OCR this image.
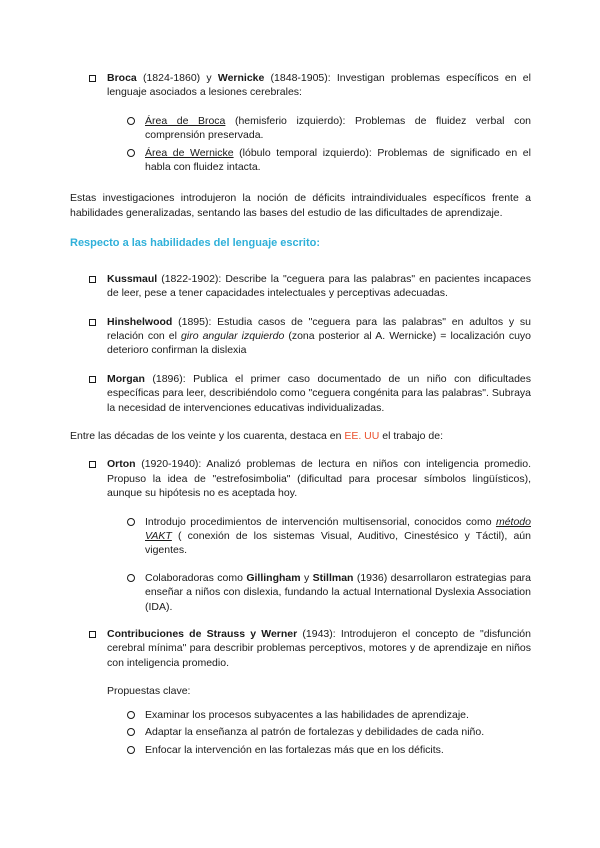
Broca (1824-1860) y Wernicke (1848-1905): Investigan problemas específicos en el lenguaje asociados a lesiones cerebrales:
Área de Broca (hemisferio izquierdo): Problemas de fluidez verbal con comprensión preservada.
Área de Wernicke (lóbulo temporal izquierdo): Problemas de significado en el habla con fluidez intacta.

Estas investigaciones introdujeron la noción de déficits intraindividuales específicos frente a habilidades generalizadas, sentando las bases del estudio de las dificultades de aprendizaje.

Respecto a las habilidades del lenguaje escrito:
Kussmaul (1822-1902): Describe la "ceguera para las palabras" en pacientes incapaces de leer, pese a tener capacidades intelectuales y perceptivas adecuadas.
Hinshelwood (1895): Estudia casos de "ceguera para las palabras" en adultos y su relación con el giro angular izquierdo (zona posterior al A. Wernicke) = localización cuyo deterioro confirman la dislexia
Morgan (1896): Publica el primer caso documentado de un niño con dificultades específicas para leer, describiéndolo como "ceguera congénita para las palabras". Subraya la necesidad de intervenciones educativas individualizadas.

Entre las décadas de los veinte y los cuarenta, destaca en EE. UU el trabajo de:

Orton (1920-1940): Analizó problemas de lectura en niños con inteligencia promedio. Propuso la idea de "estrefosimbolia" (dificultad para procesar símbolos lingüísticos), aunque su hipótesis no es aceptada hoy.
Introdujo procedimientos de intervención multisensorial, conocidos como método VAKT ( conexión de los sistemas Visual, Auditivo, Cinestésico y Táctil), aún vigentes.
Colaboradoras como Gillingham y Stillman (1936) desarrollaron estrategias para enseñar a niños con dislexia, fundando la actual International Dyslexia Association (IDA).
Contribuciones de Strauss y Werner (1943): Introdujeron el concepto de "disfunción cerebral mínima" para describir problemas perceptivos, motores y de aprendizaje en niños con inteligencia promedio.

Propuestas clave:

Examinar los procesos subyacentes a las habilidades de aprendizaje.
Adaptar la enseñanza al patrón de fortalezas y debilidades de cada niño.
Enfocar la intervención en las fortalezas más que en los déficits.
